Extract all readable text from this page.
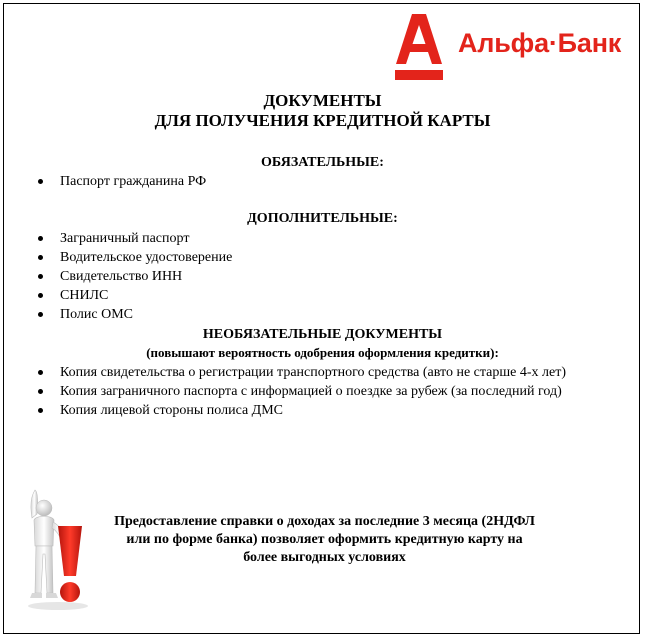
Альфа·Банк
ДОКУМЕНТЫ
ДЛЯ ПОЛУЧЕНИЯ КРЕДИТНОЙ КАРТЫ
ОБЯЗАТЕЛЬНЫЕ:
Паспорт гражданина РФ
ДОПОЛНИТЕЛЬНЫЕ:
Заграничный паспорт
Водительское удостоверение
Свидетельство ИНН
СНИЛС
Полис ОМС
НЕОБЯЗАТЕЛЬНЫЕ ДОКУМЕНТЫ
(повышают вероятность одобрения оформления кредитки):
Копия свидетельства о регистрации транспортного средства (авто не старше 4-х лет)
Копия заграничного паспорта с информацией о поездке за рубеж (за последний год)
Копия лицевой стороны полиса ДМС
Предоставление справки о доходах за последние 3 месяца (2НДФЛ или по форме банка) позволяет оформить кредитную карту на более выгодных условиях
